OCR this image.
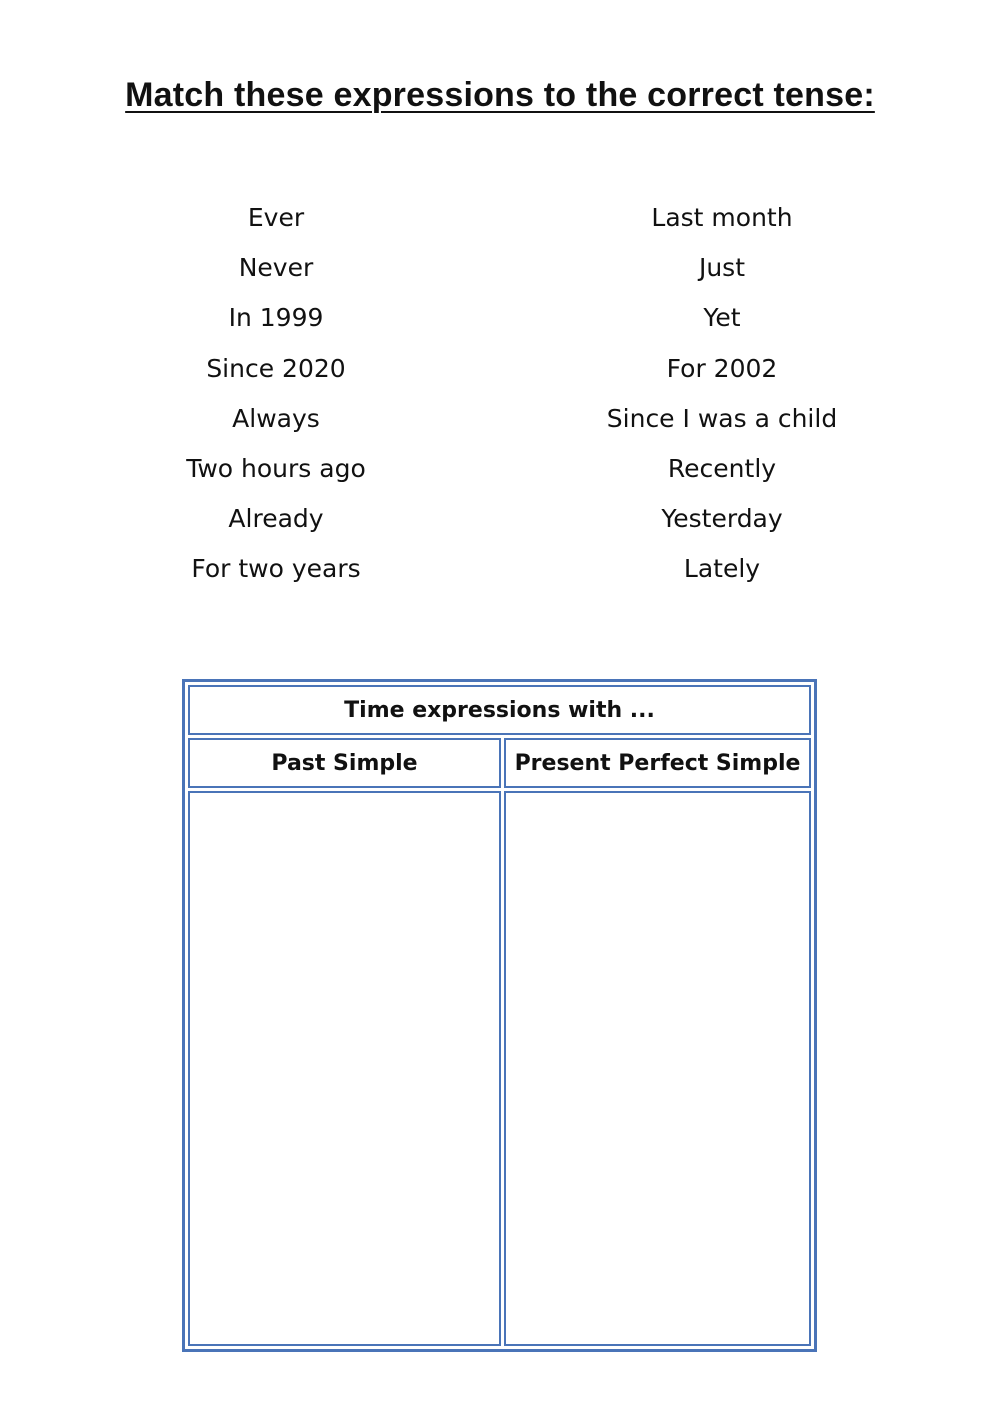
Match these expressions to the correct tense:
Ever
Never
In 1999
Since 2020
Always
Two hours ago
Already
For two years
Last month
Just
Yet
For 2002
Since I was a child
Recently
Yesterday
Lately
Time expressions with ...
Past Simple	Present Perfect Simple
